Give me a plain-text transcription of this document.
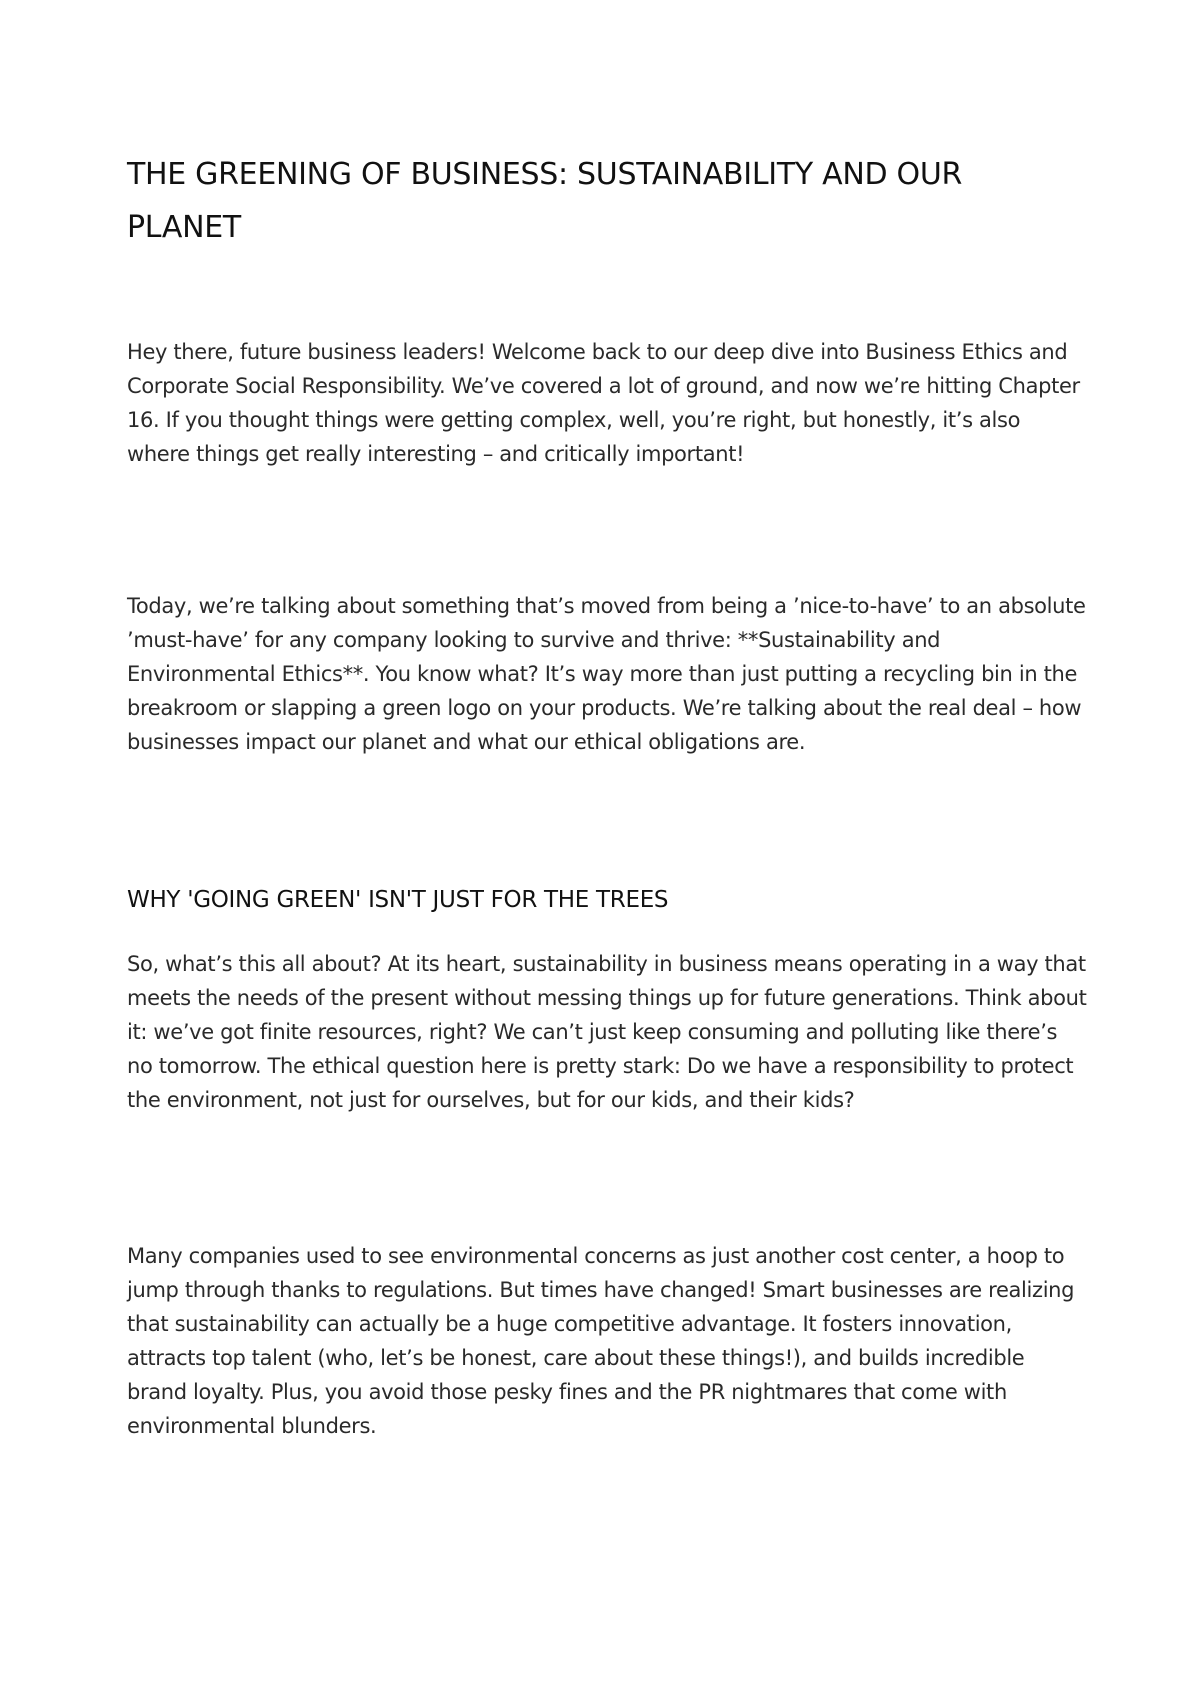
THE GREENING OF BUSINESS: SUSTAINABILITY AND OUR PLANET

Hey there, future business leaders! Welcome back to our deep dive into Business Ethics and Corporate Social Responsibility. We’ve covered a lot of ground, and now we’re hitting Chapter 16. If you thought things were getting complex, well, you’re right, but honestly, it’s also where things get really interesting – and critically important!

Today, we’re talking about something that’s moved from being a ’nice-to-have’ to an absolute ’must-have’ for any company looking to survive and thrive: **Sustainability and Environmental Ethics**. You know what? It’s way more than just putting a recycling bin in the breakroom or slapping a green logo on your products. We’re talking about the real deal – how businesses impact our planet and what our ethical obligations are.

WHY 'GOING GREEN' ISN'T JUST FOR THE TREES

So, what’s this all about? At its heart, sustainability in business means operating in a way that meets the needs of the present without messing things up for future generations. Think about it: we’ve got finite resources, right? We can’t just keep consuming and polluting like there’s no tomorrow. The ethical question here is pretty stark: Do we have a responsibility to protect the environment, not just for ourselves, but for our kids, and their kids?

Many companies used to see environmental concerns as just another cost center, a hoop to jump through thanks to regulations. But times have changed! Smart businesses are realizing that sustainability can actually be a huge competitive advantage. It fosters innovation, attracts top talent (who, let’s be honest, care about these things!), and builds incredible brand loyalty. Plus, you avoid those pesky fines and the PR nightmares that come with environmental blunders.
